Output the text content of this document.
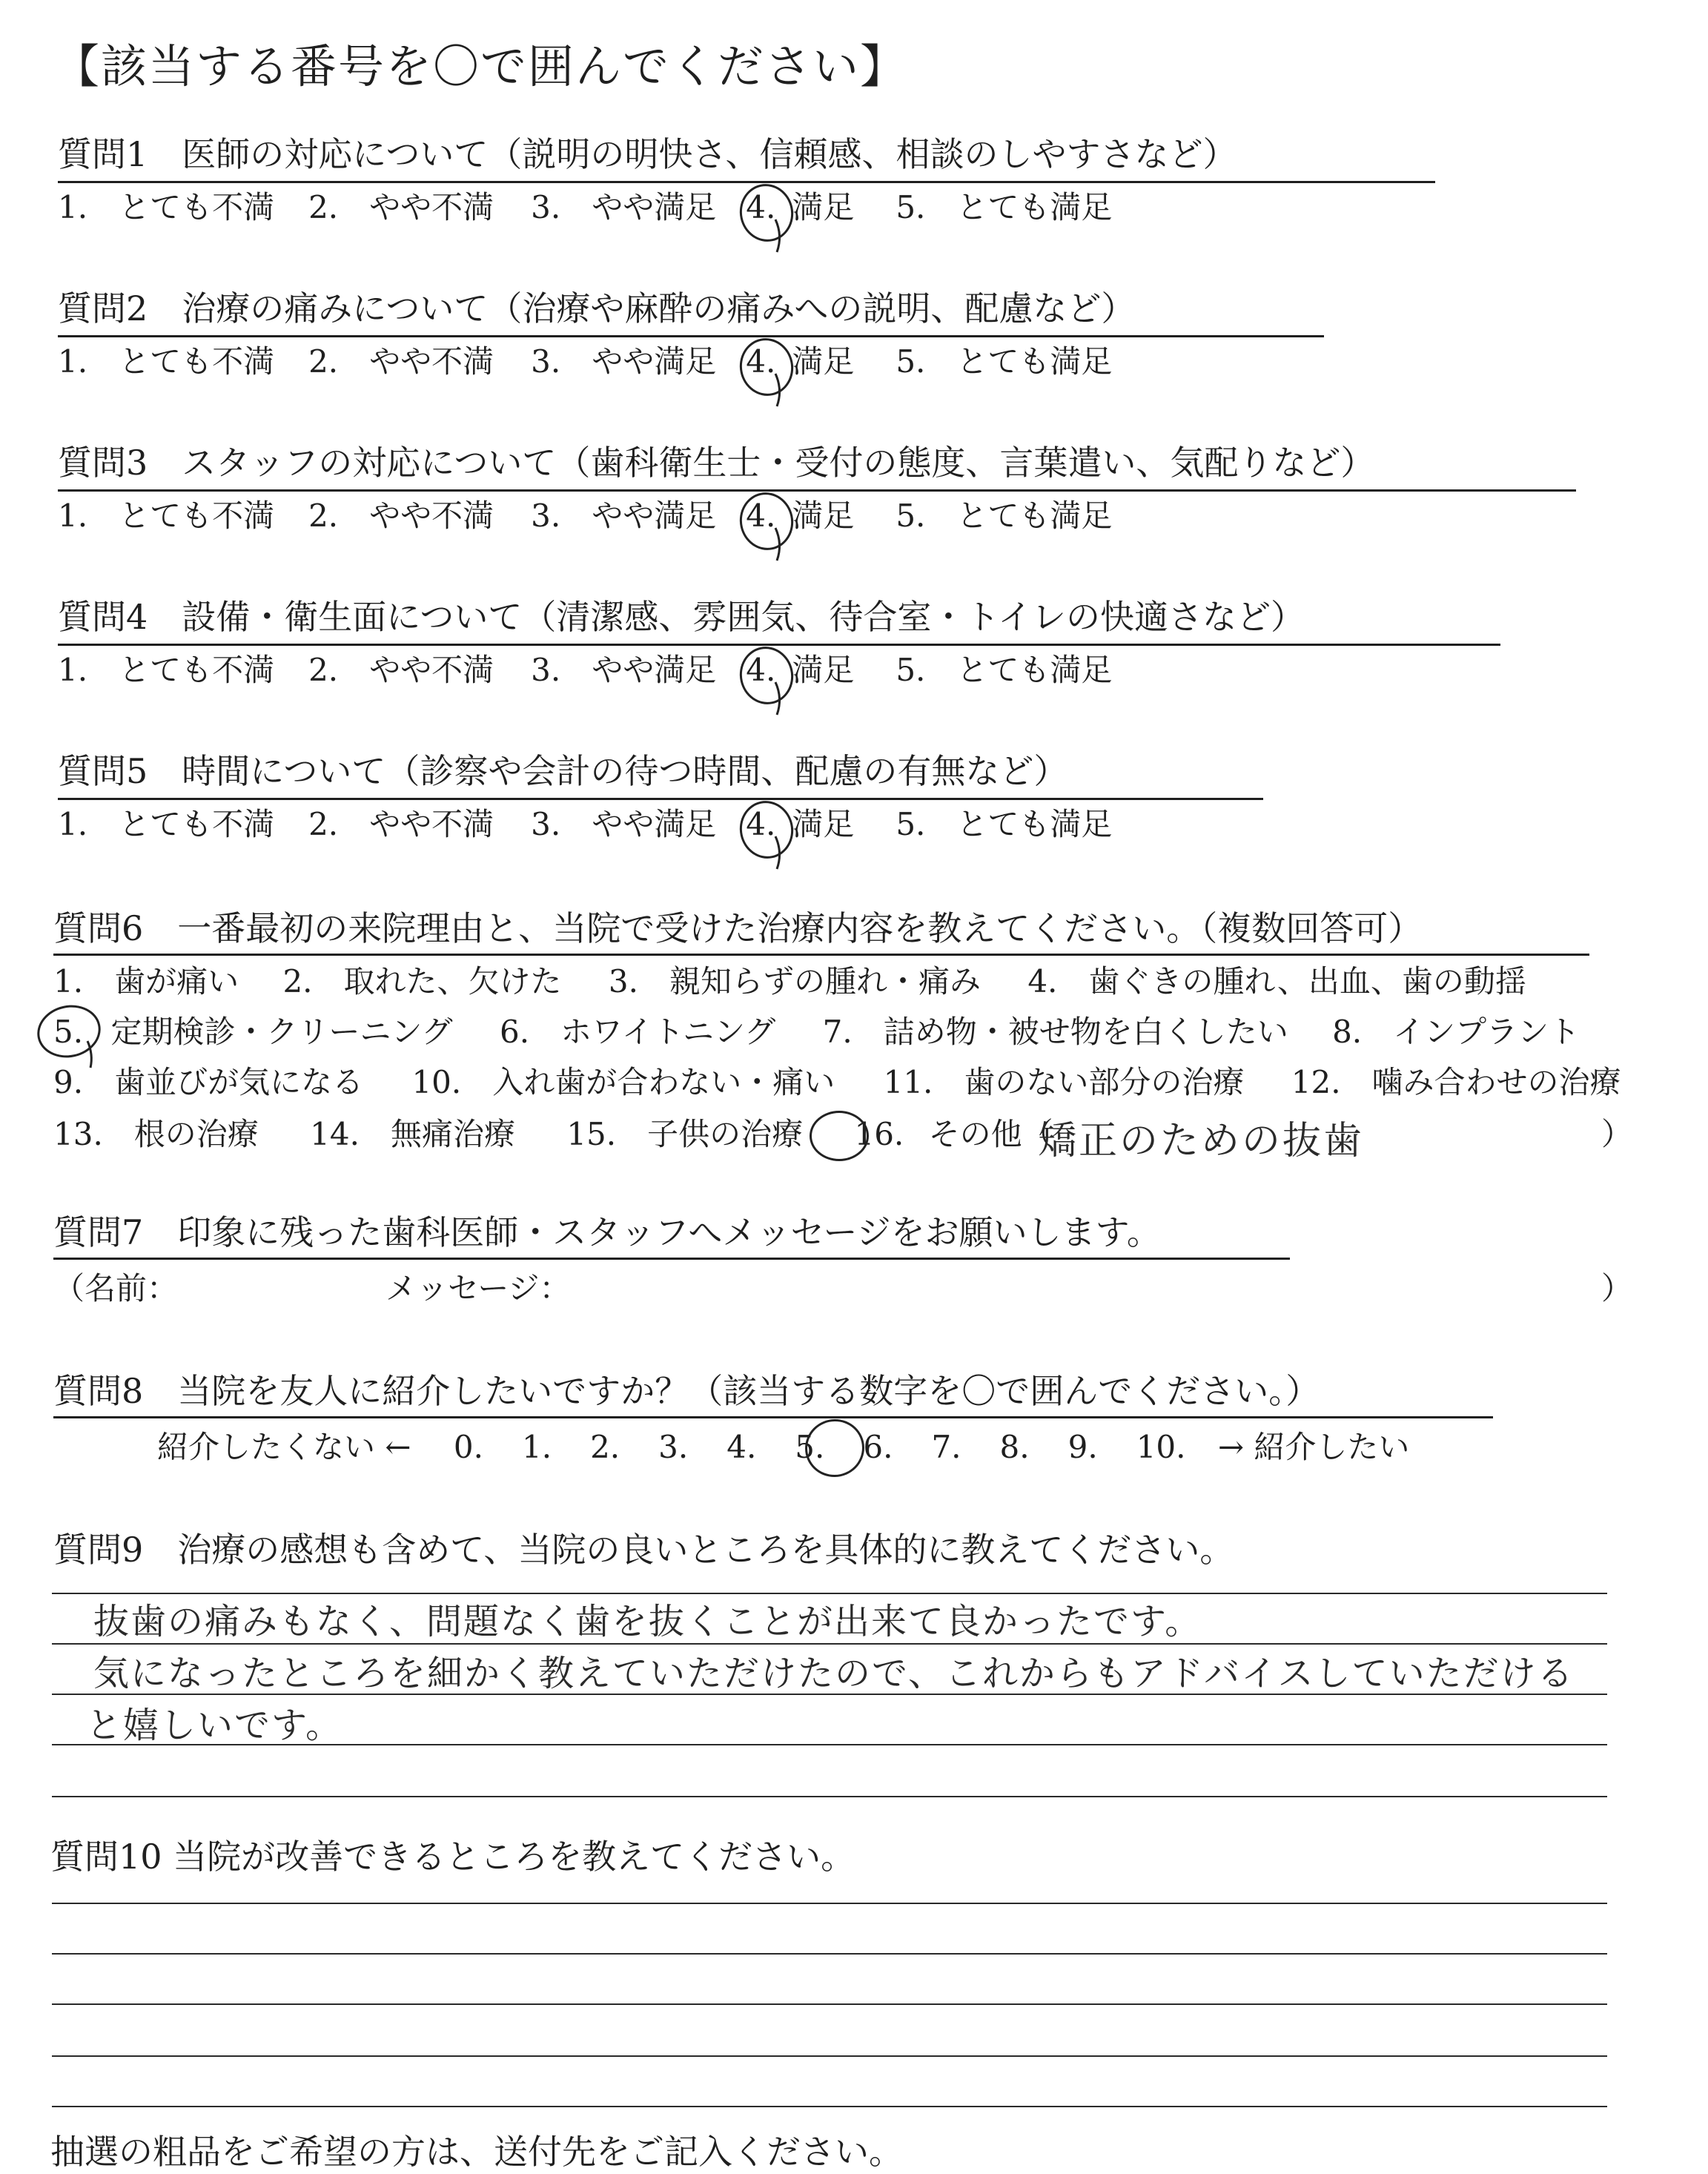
【該当する番号を〇で囲んでください】
質問1　医師の対応について（説明の明快さ、信頼感、相談のしやすさなど）
1.　とても不満 2.　やや不満 3.　やや満足 4. 満足 5.　とても満足
質問2　治療の痛みについて（治療や麻酔の痛みへの説明、配慮など）
1.　とても不満 2.　やや不満 3.　やや満足 4. 満足 5.　とても満足
質問3　スタッフの対応について（歯科衛生士・受付の態度、言葉遣い、気配りなど）
1.　とても不満 2.　やや不満 3.　やや満足 4. 満足 5.　とても満足
質問4　設備・衛生面について（清潔感、雰囲気、待合室・トイレの快適さなど）
1.　とても不満 2.　やや不満 3.　やや満足 4. 満足 5.　とても満足
質問5　時間について（診察や会計の待つ時間、配慮の有無など）
1.　とても不満 2.　やや不満 3.　やや満足 4. 満足 5.　とても満足
質問6　一番最初の来院理由と、当院で受けた治療内容を教えてください。（複数回答可）
1.　歯が痛い 2.　取れた、欠けた 3.　親知らずの腫れ・痛み 4.　歯ぐきの腫れ、出血、歯の動揺
5. 定期検診・クリーニング 6.　ホワイトニング 7.　詰め物・被せ物を白くしたい 8.　インプラント
9.　歯並びが気になる 10.　入れ歯が合わない・痛い 11.　歯のない部分の治療 12.　噛み合わせの治療
13.　根の治療 14.　無痛治療 15.　子供の治療 16. その他（
矯正のための抜歯	）
質問7　印象に残った歯科医師・スタッフへメッセージをお願いします。
（名前：	メッセージ：	）
質問8　当院を友人に紹介したいですか？（該当する数字を〇で囲んでください。）
紹介したくない ← 0. 1. 2. 3. 4. 5. 6. 7. 8. 9. 10. → 紹介したい
質問9　治療の感想も含めて、当院の良いところを具体的に教えてください。
抜歯の痛みもなく、問題なく歯を抜くことが出来て良かったです。
気になったところを細かく教えていただけたので、これからもアドバイスしていただける
と嬉しいです。
質問10 当院が改善できるところを教えてください。
抽選の粗品をご希望の方は、送付先をご記入ください。
